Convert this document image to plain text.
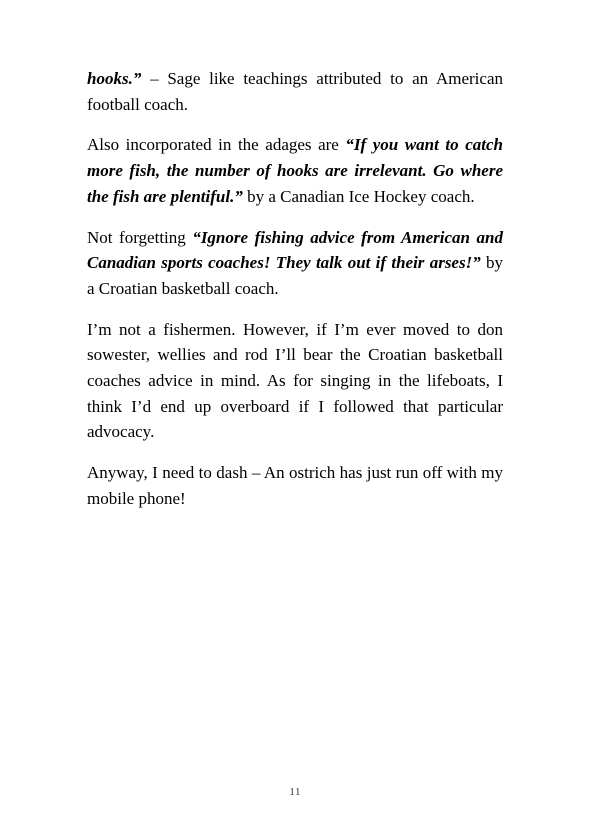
hooks.” – Sage like teachings attributed to an American football coach.

Also incorporated in the adages are “If you want to catch more fish, the number of hooks are irrelevant. Go where the fish are plentiful.” by a Canadian Ice Hockey coach.

Not forgetting “Ignore fishing advice from American and Canadian sports coaches! They talk out if their arses!” by a Croatian basketball coach.

I’m not a fishermen. However, if I’m ever moved to don sowester, wellies and rod I’ll bear the Croatian basketball coaches advice in mind. As for singing in the lifeboats, I think I’d end up overboard if I followed that particular advocacy.

Anyway, I need to dash – An ostrich has just run off with my mobile phone!

11
